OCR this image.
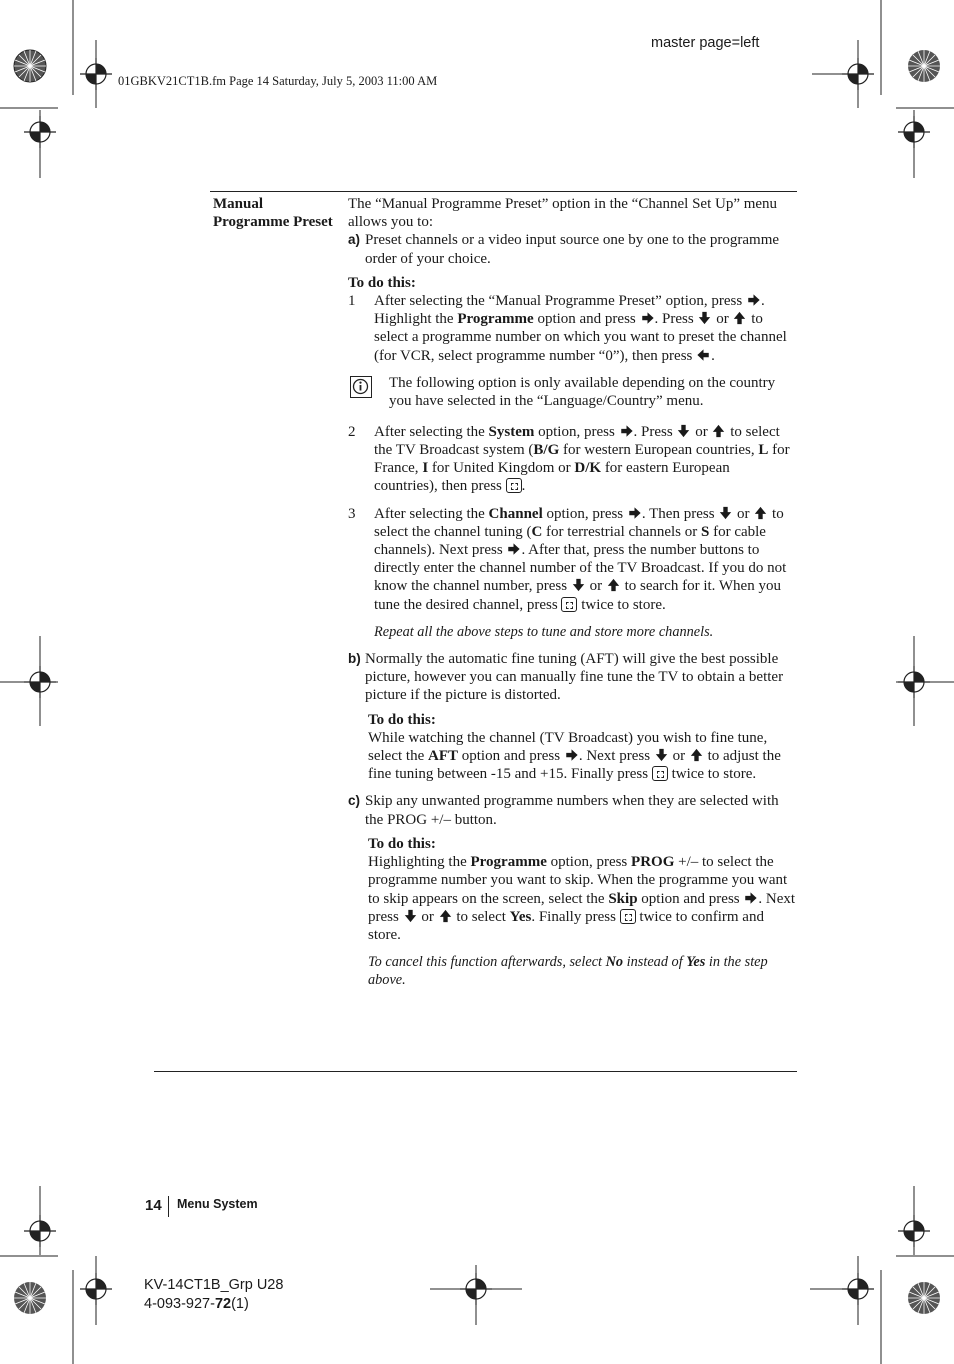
master page=left
01GBKV21CT1B.fm Page 14 Saturday, July 5, 2003 11:00 AM
Manual Programme Preset

The “Manual Programme Preset” option in the “Channel Set Up” menu allows you to:

a) Preset channels or a video input source one by one to the programme order of your choice.

To do this:

1 After selecting the “Manual Programme Preset” option, press . Highlight the Programme option and press . Press or to select a programme number on which you want to preset the channel (for VCR, select programme number “0”), then press .
The following option is only available depending on the country you have selected in the “Language/Country” menu.
2 After selecting the System option, press . Press or to select the TV Broadcast system (B/G for western European countries, L for France, I for United Kingdom or D/K for eastern European countries), then press .
3 After selecting the Channel option, press . Then press or to select the channel tuning (C for terrestrial channels or S for cable channels). Next press . After that, press the number buttons to directly enter the channel number of the TV Broadcast. If you do not know the channel number, press or to search for it. When you tune the desired channel, press twice to store.

Repeat all the above steps to tune and store more channels.

b) Normally the automatic fine tuning (AFT) will give the best possible picture, however you can manually fine tune the TV to obtain a better picture if the picture is distorted.

To do this:

While watching the channel (TV Broadcast) you wish to fine tune, select the AFT option and press . Next press or to adjust the fine tuning between -15 and +15. Finally press twice to store.

c) Skip any unwanted programme numbers when they are selected with the PROG +/– button.

To do this:

Highlighting the Programme option, press PROG +/– to select the programme number you want to skip. When the programme you want to skip appears on the screen, select the Skip option and press . Next press or to select Yes. Finally press twice to confirm and store.

To cancel this function afterwards, select No instead of Yes in the step above.

14 Menu System
KV-14CT1B_Grp U28
4-093-927-72(1)
